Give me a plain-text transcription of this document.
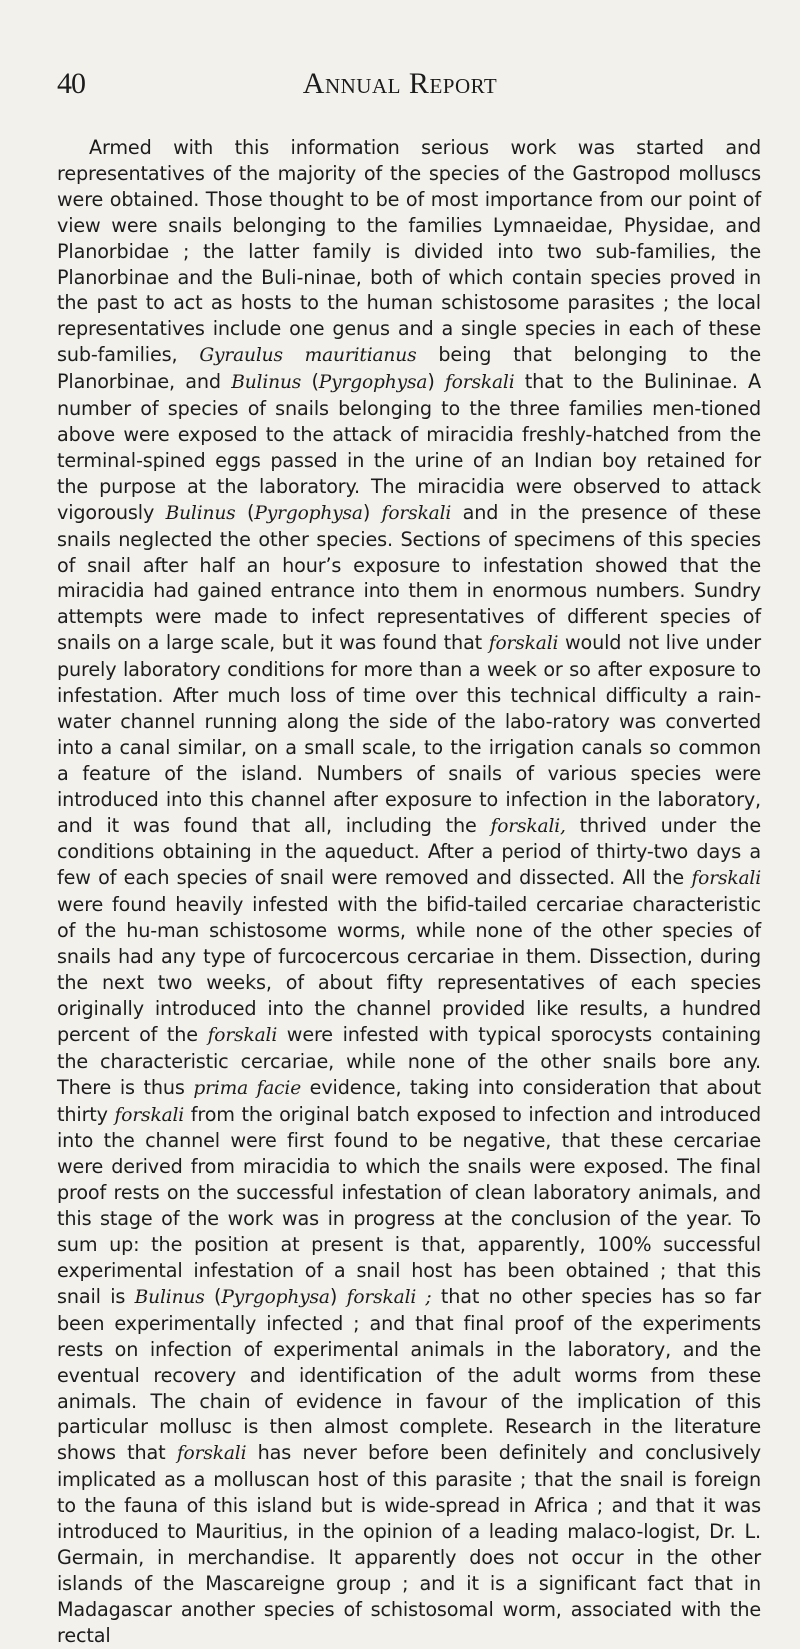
40	Annual Report

Armed with this information serious work was started and representatives of the majority of the species of the Gastropod molluscs were obtained. Those thought to be of most importance from our point of view were snails belonging to the families Lymnaeidae, Physidae, and Planorbidae ; the latter family is divided into two sub-families, the Planorbinae and the Buli-ninae, both of which contain species proved in the past to act as hosts to the human schistosome parasites ; the local representatives include one genus and a single species in each of these sub-families, Gyraulus mauritianus being that belonging to the Planorbinae, and Bulinus (Pyrgophysa) forskali that to the Bulininae. A number of species of snails belonging to the three families men-tioned above were exposed to the attack of miracidia freshly-hatched from the terminal-spined eggs passed in the urine of an Indian boy retained for the purpose at the laboratory. The miracidia were observed to attack vigorously Bulinus (Pyrgophysa) forskali and in the presence of these snails neglected the other species. Sections of specimens of this species of snail after half an hour’s exposure to infestation showed that the miracidia had gained entrance into them in enormous numbers. Sundry attempts were made to infect representatives of different species of snails on a large scale, but it was found that forskali would not live under purely laboratory conditions for more than a week or so after exposure to infestation. After much loss of time over this technical difficulty a rain-water channel running along the side of the labo-ratory was converted into a canal similar, on a small scale, to the irrigation canals so common a feature of the island. Numbers of snails of various species were introduced into this channel after exposure to infection in the laboratory, and it was found that all, including the forskali, thrived under the conditions obtaining in the aqueduct. After a period of thirty-two days a few of each species of snail were removed and dissected. All the forskali were found heavily infested with the bifid-tailed cercariae characteristic of the hu-man schistosome worms, while none of the other species of snails had any type of furcocercous cercariae in them. Dissection, during the next two weeks, of about fifty representatives of each species originally introduced into the channel provided like results, a hundred percent of the forskali were infested with typical sporocysts containing the characteristic cercariae, while none of the other snails bore any. There is thus prima facie evidence, taking into consideration that about thirty forskali from the original batch exposed to infection and introduced into the channel were first found to be negative, that these cercariae were derived from miracidia to which the snails were exposed. The final proof rests on the successful infestation of clean laboratory animals, and this stage of the work was in progress at the conclusion of the year. To sum up: the position at present is that, apparently, 100% successful experimental infestation of a snail host has been obtained ; that this snail is Bulinus (Pyrgophysa) forskali ; that no other species has so far been experimentally infected ; and that final proof of the experiments rests on infection of experimental animals in the laboratory, and the eventual recovery and identification of the adult worms from these animals. The chain of evidence in favour of the implication of this particular mollusc is then almost complete. Research in the literature shows that forskali has never before been definitely and conclusively implicated as a molluscan host of this parasite ; that the snail is foreign to the fauna of this island but is wide-spread in Africa ; and that it was introduced to Mauritius, in the opinion of a leading malaco-logist, Dr. L. Germain, in merchandise. It apparently does not occur in the other islands of the Mascareigne group ; and it is a significant fact that in Madagascar another species of schistosomal worm, associated with the rectal
